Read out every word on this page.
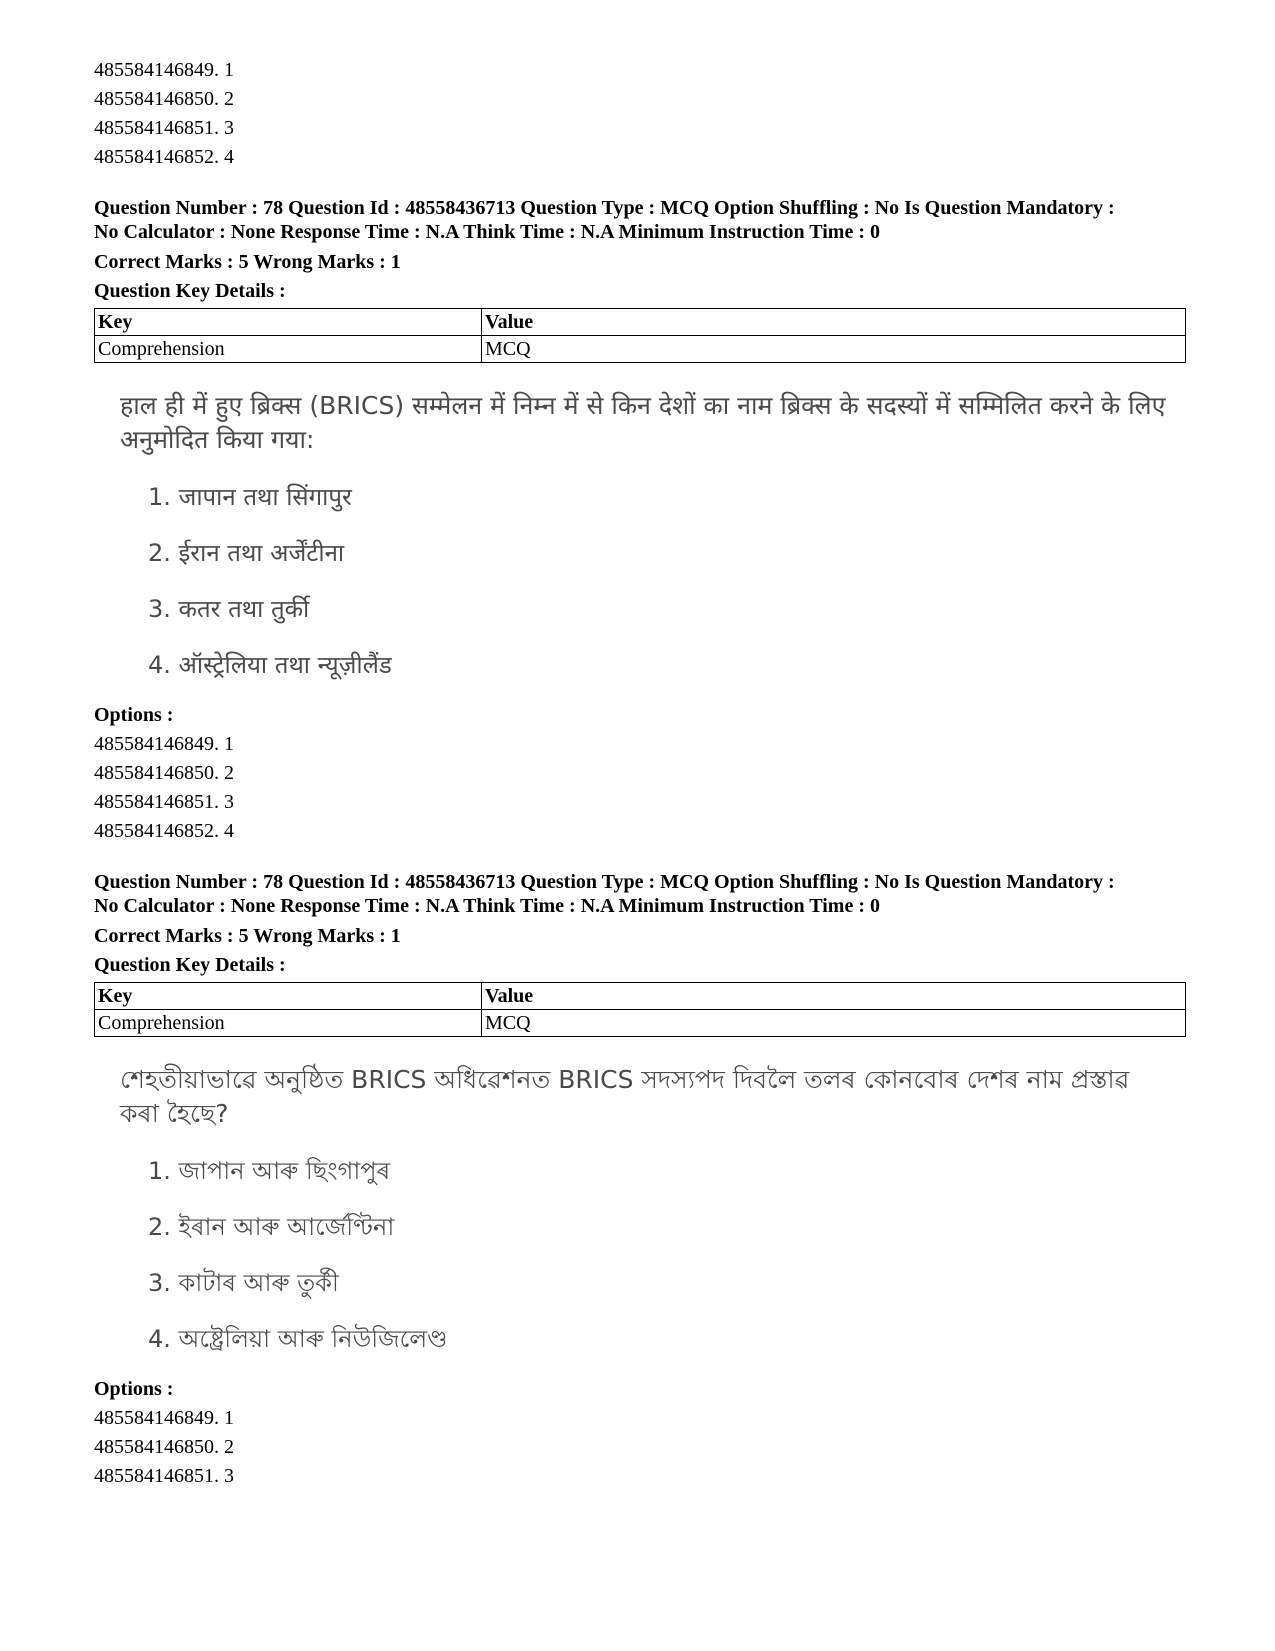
485584146849. 1
485584146850. 2
485584146851. 3
485584146852. 4
Question Number : 78 Question Id : 48558436713 Question Type : MCQ Option Shuffling : No Is Question Mandatory :
No Calculator : None Response Time : N.A Think Time : N.A Minimum Instruction Time : 0
Correct Marks : 5 Wrong Marks : 1
Question Key Details :
Key	Value
Comprehension	MCQ
हाल ही में हुए ब्रिक्स (BRICS) सम्मेलन में निम्न में से किन देशों का नाम ब्रिक्स के सदस्यों में सम्मिलित करने के लिए अनुमोदित किया गया:
1. जापान तथा सिंगापुर
2. ईरान तथा अर्जेंटीना
3. कतर तथा तुर्की
4. ऑस्ट्रेलिया तथा न्यूज़ीलैंड
Options :
485584146849. 1
485584146850. 2
485584146851. 3
485584146852. 4
Question Number : 78 Question Id : 48558436713 Question Type : MCQ Option Shuffling : No Is Question Mandatory :
No Calculator : None Response Time : N.A Think Time : N.A Minimum Instruction Time : 0
Correct Marks : 5 Wrong Marks : 1
Question Key Details :
Key	Value
Comprehension	MCQ
শেহতীয়াভাৱে অনুষ্ঠিত BRICS অধিৱেশনত BRICS সদস্যপদ দিবলৈ তলৰ কোনবোৰ দেশৰ নাম প্ৰস্তাৱ কৰা হৈছে?
1. জাপান আৰু ছিংগাপুৰ
2. ইৰান আৰু আৰ্জেণ্টিনা
3. কাটাৰ আৰু তুৰ্কী
4. অষ্ট্ৰেলিয়া আৰু নিউজিলেণ্ড
Options :
485584146849. 1
485584146850. 2
485584146851. 3
